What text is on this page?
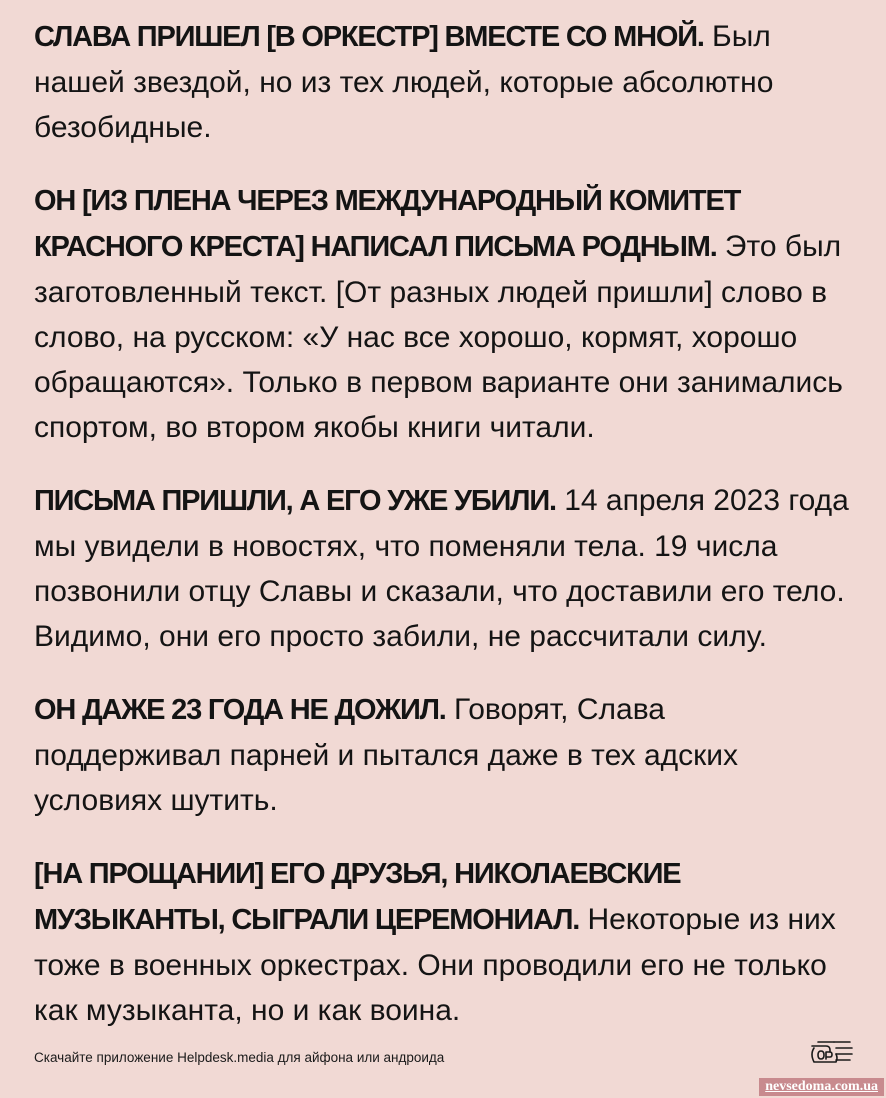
СЛАВА ПРИШЕЛ [В ОРКЕСТР] ВМЕСТЕ СО МНОЙ. Был нашей звездой, но из тех людей, которые абсолютно безобидные.

ОН [ИЗ ПЛЕНА ЧЕРЕЗ МЕЖДУНАРОДНЫЙ КОМИТЕТ КРАСНОГО КРЕСТА] НАПИСАЛ ПИСЬМА РОДНЫМ. Это был заготовленный текст. [От разных людей пришли] слово в слово, на русском: «У нас все хорошо, кормят, хорошо обращаются». Только в первом варианте они занимались спортом, во втором якобы книги читали.

ПИСЬМА ПРИШЛИ, А ЕГО УЖЕ УБИЛИ. 14 апреля 2023 года мы увидели в новостях, что поменяли тела. 19 числа позвонили отцу Славы и сказали, что доставили его тело. Видимо, они его просто забили, не рассчитали силу.

ОН ДАЖЕ 23 ГОДА НЕ ДОЖИЛ. Говорят, Слава поддерживал парней и пытался даже в тех адских условиях шутить.

[НА ПРОЩАНИИ] ЕГО ДРУЗЬЯ, НИКОЛАЕВСКИЕ МУЗЫКАНТЫ, СЫГРАЛИ ЦЕРЕМОНИАЛ. Некоторые из них тоже в военных оркестрах. Они проводили его не только как музыканта, но и как воина.

Скачайте приложение Helpdesk.media для айфона или андроида
nevsedoma.com.ua
